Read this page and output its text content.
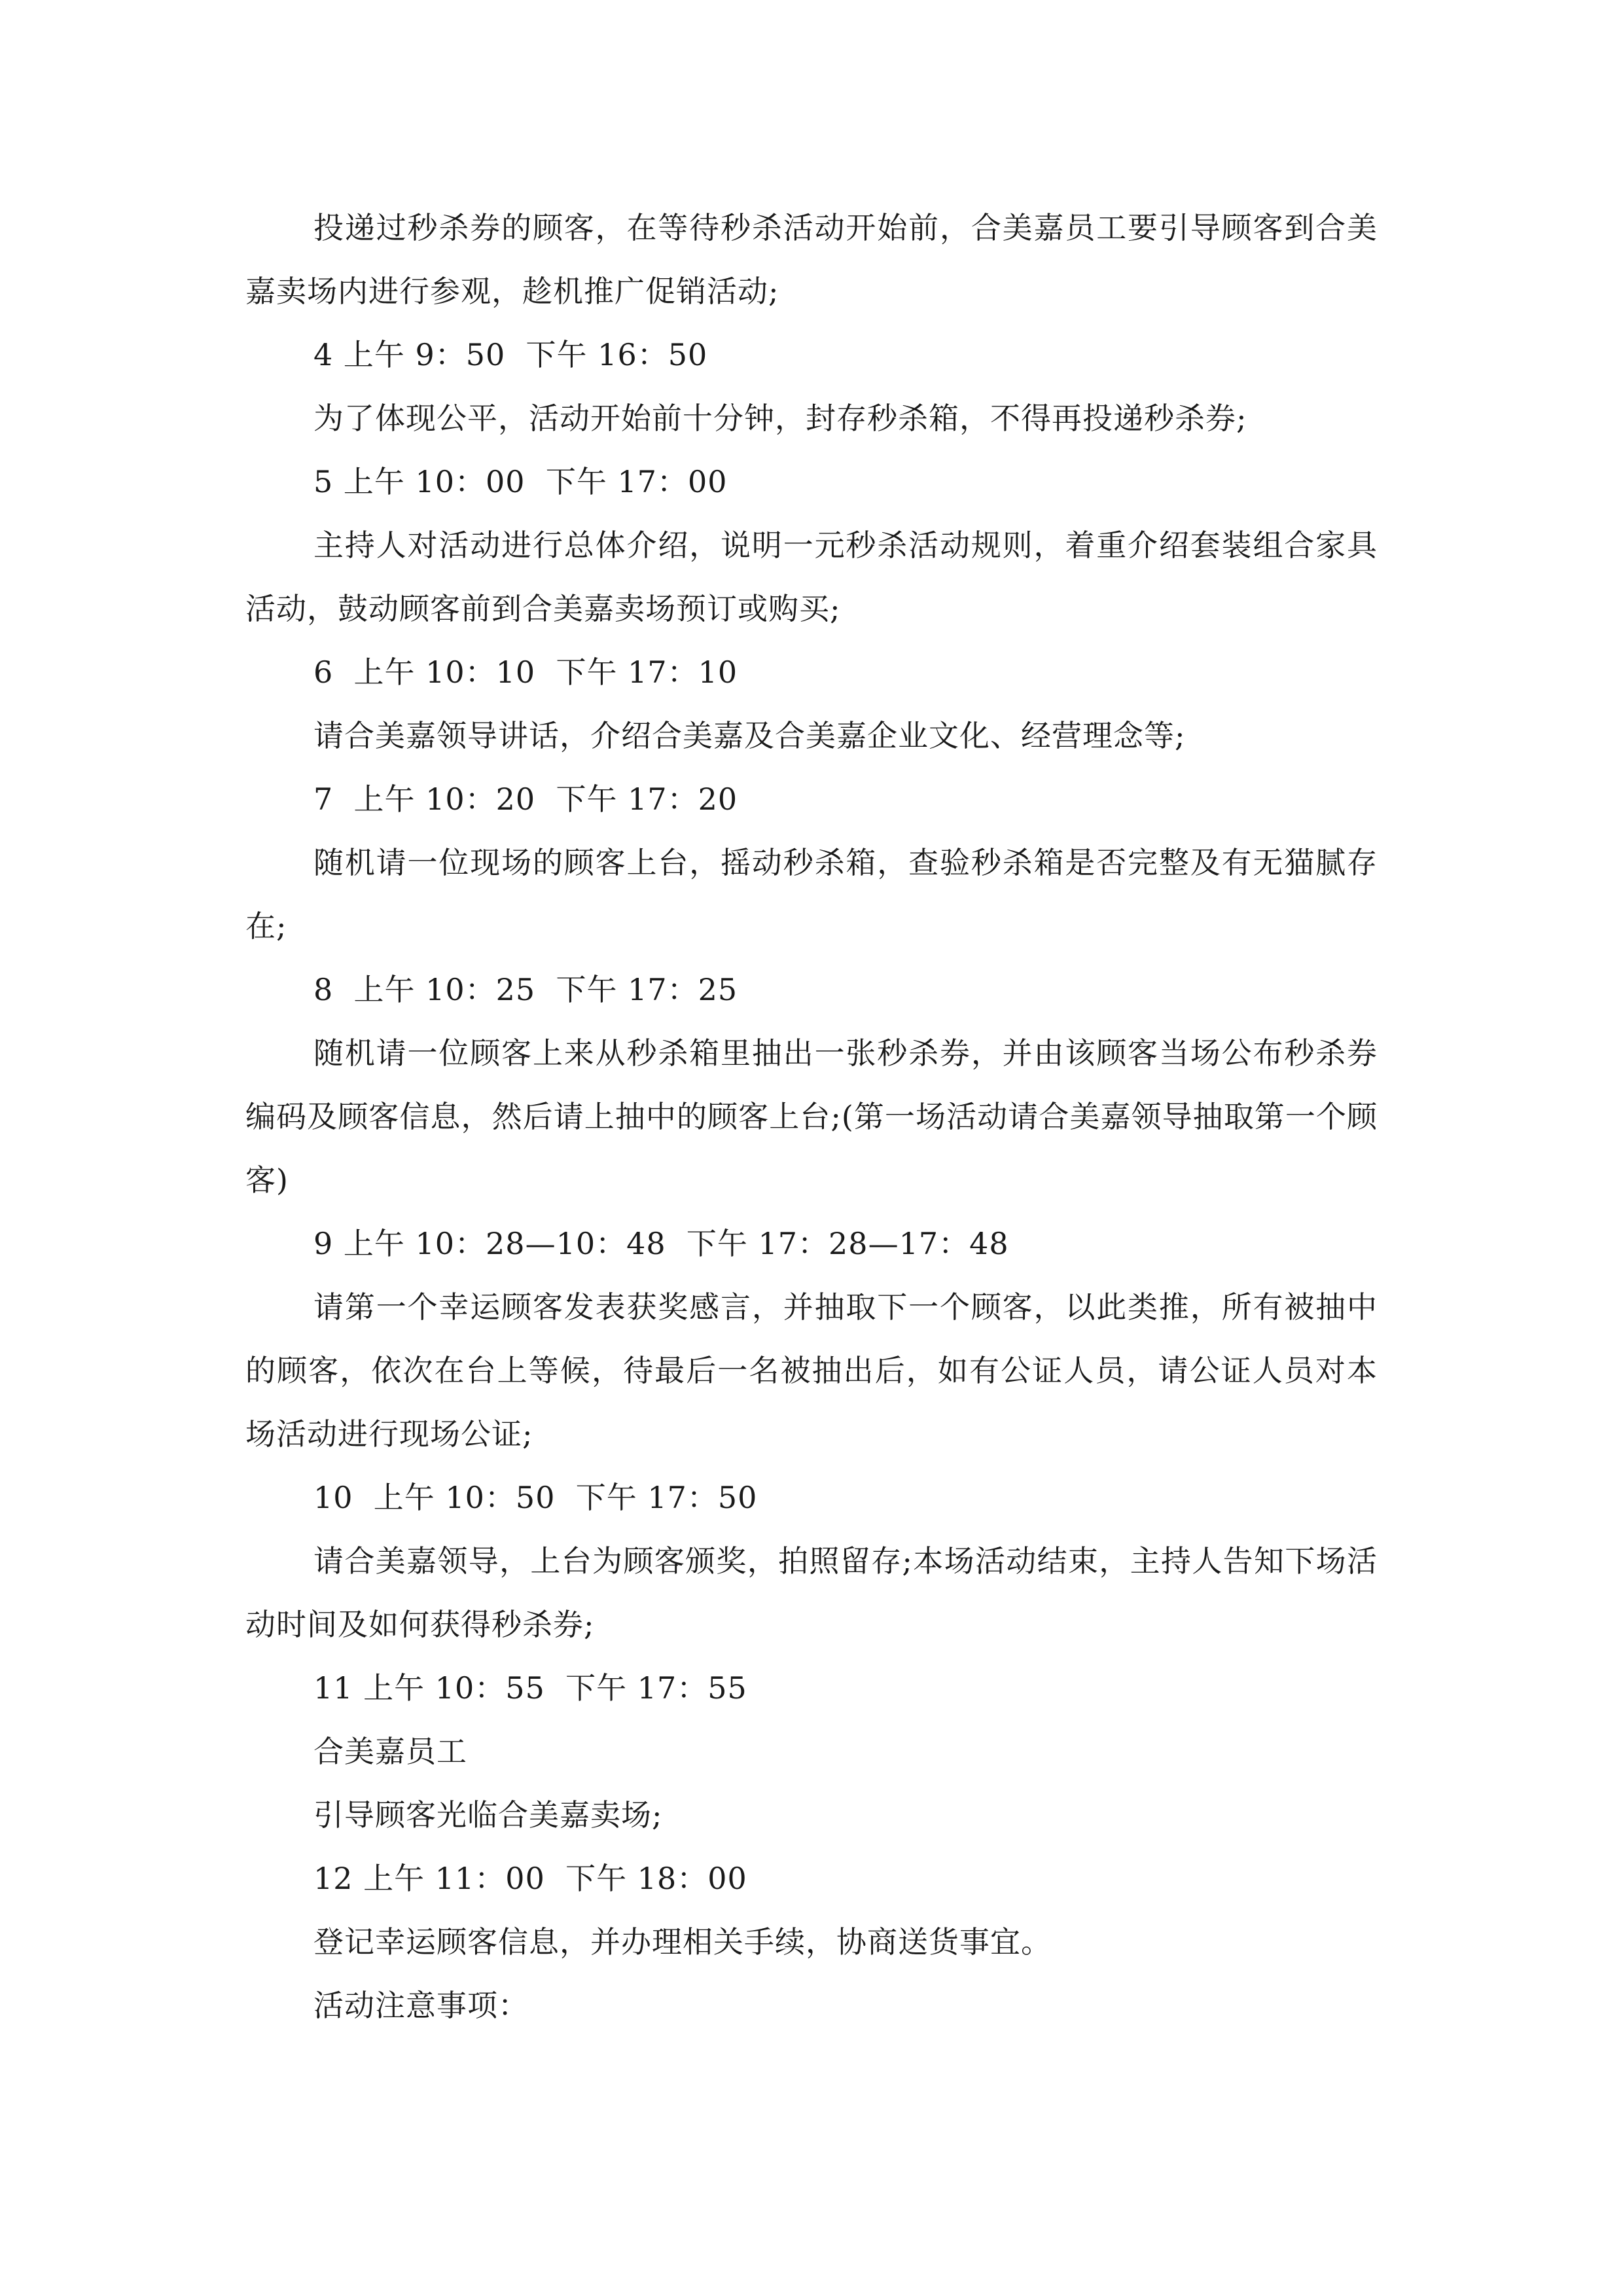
投递过秒杀券的顾客，在等待秒杀活动开始前，合美嘉员工要引导顾客到合美嘉卖场内进行参观，趁机推广促销活动;

4 上午 9：50  下午 16：50

为了体现公平，活动开始前十分钟，封存秒杀箱，不得再投递秒杀券;

5 上午 10：00  下午 17：00

主持人对活动进行总体介绍，说明一元秒杀活动规则，着重介绍套装组合家具活动，鼓动顾客前到合美嘉卖场预订或购买;

6  上午 10：10  下午 17：10

请合美嘉领导讲话，介绍合美嘉及合美嘉企业文化、经营理念等;

7  上午 10：20  下午 17：20

随机请一位现场的顾客上台，摇动秒杀箱，查验秒杀箱是否完整及有无猫腻存在;

8  上午 10：25  下午 17：25

随机请一位顾客上来从秒杀箱里抽出一张秒杀券，并由该顾客当场公布秒杀券编码及顾客信息，然后请上抽中的顾客上台;(第一场活动请合美嘉领导抽取第一个顾客)

9 上午 10：28—10：48  下午 17：28—17：48

请第一个幸运顾客发表获奖感言，并抽取下一个顾客，以此类推，所有被抽中的顾客，依次在台上等候，待最后一名被抽出后，如有公证人员，请公证人员对本场活动进行现场公证;

10  上午 10：50  下午 17：50

请合美嘉领导，上台为顾客颁奖，拍照留存;本场活动结束，主持人告知下场活动时间及如何获得秒杀券;

11 上午 10：55  下午 17：55

合美嘉员工

引导顾客光临合美嘉卖场;

12 上午 11：00  下午 18：00

登记幸运顾客信息，并办理相关手续，协商送货事宜。

活动注意事项：
